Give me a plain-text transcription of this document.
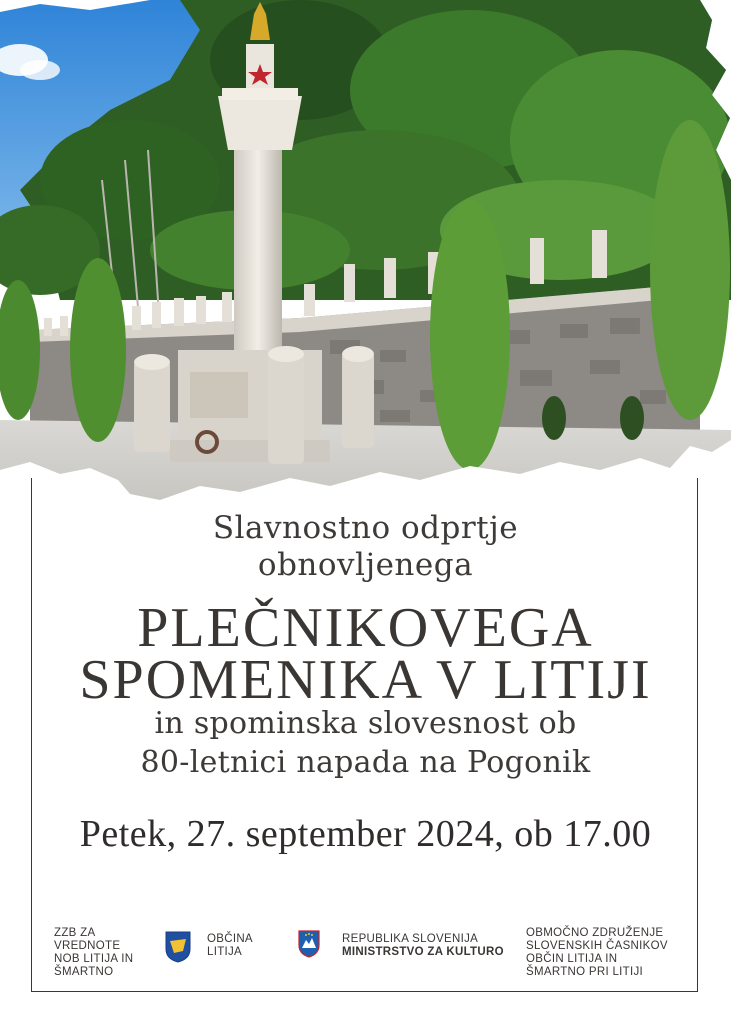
Slavnostno odprtje
obnovljenega
PLEČNIKOVEGA
SPOMENIKA V LITIJI
in spominska slovesnost ob
80-letnici napada na Pogonik
Petek, 27. september 2024, ob 17.00
ZZB ZA
VREDNOTE
NOB LITIJA IN
ŠMARTNO
OBČINA
LITIJA
REPUBLIKA SLOVENIJA
MINISTRSTVO ZA KULTURO
OBMOČNO ZDRUŽENJE
SLOVENSKIH ČASNIKOV
OBČIN LITIJA IN
ŠMARTNO PRI LITIJI
